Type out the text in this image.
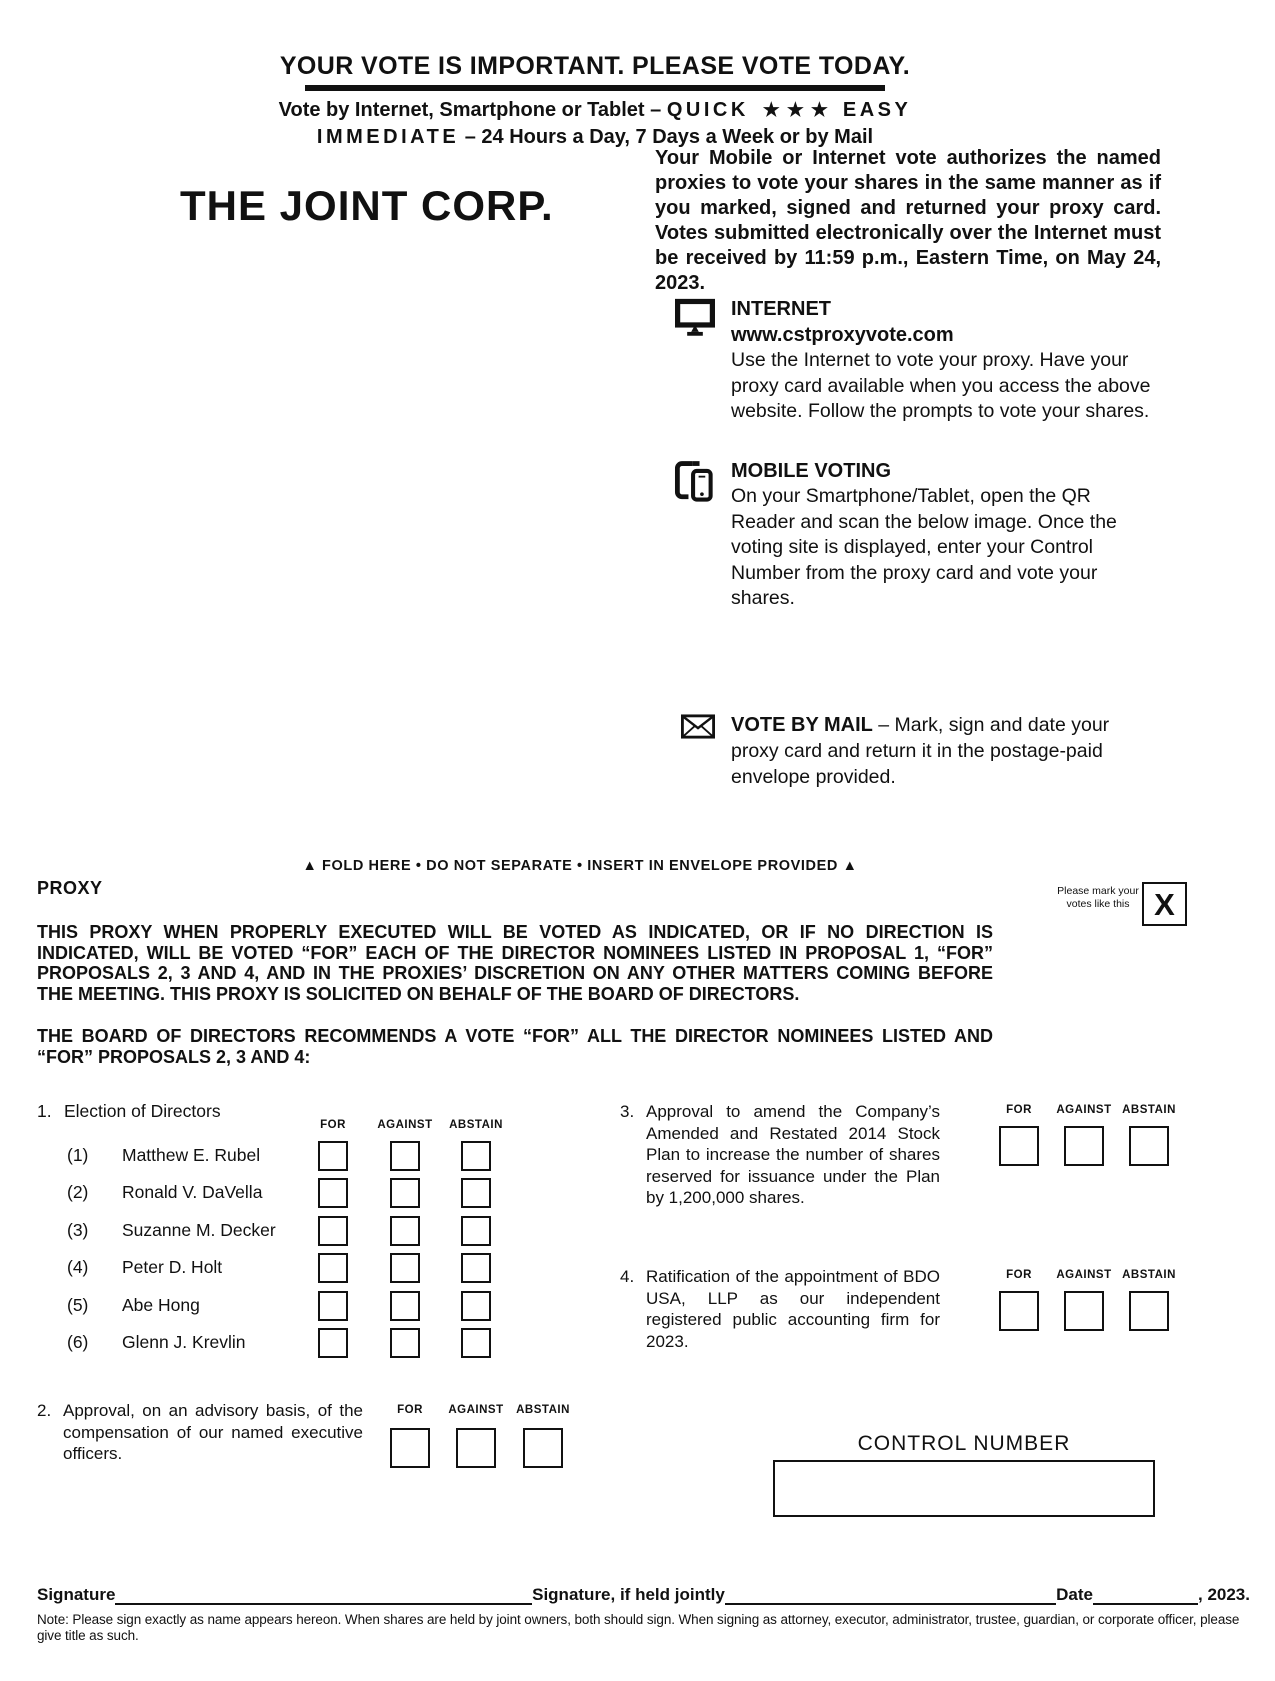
YOUR VOTE IS IMPORTANT. PLEASE VOTE TODAY.
Vote by Internet, Smartphone or Tablet – QUICK ★★★ EASY
IMMEDIATE – 24 Hours a Day, 7 Days a Week or by Mail
THE JOINT CORP.
Your Mobile or Internet vote authorizes the named proxies to vote your shares in the same manner as if you marked, signed and returned your proxy card. Votes submitted electronically over the Internet must be received by 11:59 p.m., Eastern Time, on May 24, 2023.
INTERNET
www.cstproxyvote.com
Use the Internet to vote your proxy. Have your proxy card available when you access the above website. Follow the prompts to vote your shares.
MOBILE VOTING
On your Smartphone/Tablet, open the QR Reader and scan the below image. Once the voting site is displayed, enter your Control Number from the proxy card and vote your shares.
VOTE BY MAIL – Mark, sign and date your proxy card and return it in the postage-paid envelope provided.
▲ FOLD HERE • DO NOT SEPARATE • INSERT IN ENVELOPE PROVIDED ▲
PROXY	Please mark your votes like this X
THIS PROXY WHEN PROPERLY EXECUTED WILL BE VOTED AS INDICATED, OR IF NO DIRECTION IS INDICATED, WILL BE VOTED “FOR” EACH OF THE DIRECTOR NOMINEES LISTED IN PROPOSAL 1, “FOR” PROPOSALS 2, 3 AND 4, AND IN THE PROXIES’ DISCRETION ON ANY OTHER MATTERS COMING BEFORE THE MEETING. THIS PROXY IS SOLICITED ON BEHALF OF THE BOARD OF DIRECTORS.
THE BOARD OF DIRECTORS RECOMMENDS A VOTE “FOR” ALL THE DIRECTOR NOMINEES LISTED AND “FOR” PROPOSALS 2, 3 AND 4:
1. Election of Directors
FOR	AGAINST ABSTAIN
(1) Matthew E. Rubel
(2) Ronald V. DaVella
(3) Suzanne M. Decker
(4) Peter D. Holt
(5) Abe Hong
(6) Glenn J. Krevlin
2. Approval, on an advisory basis, of the compensation of our named executive officers.
FOR AGAINST ABSTAIN
3. Approval to amend the Company’s Amended and Restated 2014 Stock Plan to increase the number of shares reserved for issuance under the Plan by 1,200,000 shares.
FOR AGAINST ABSTAIN
4. Ratification of the appointment of BDO USA, LLP as our independent registered public accounting firm for 2023.
FOR AGAINST ABSTAIN
CONTROL NUMBER
Signature	Signature, if held jointly	Date	, 2023.
Note: Please sign exactly as name appears hereon. When shares are held by joint owners, both should sign. When signing as attorney, executor, administrator, trustee, guardian, or corporate officer, please give title as such.
